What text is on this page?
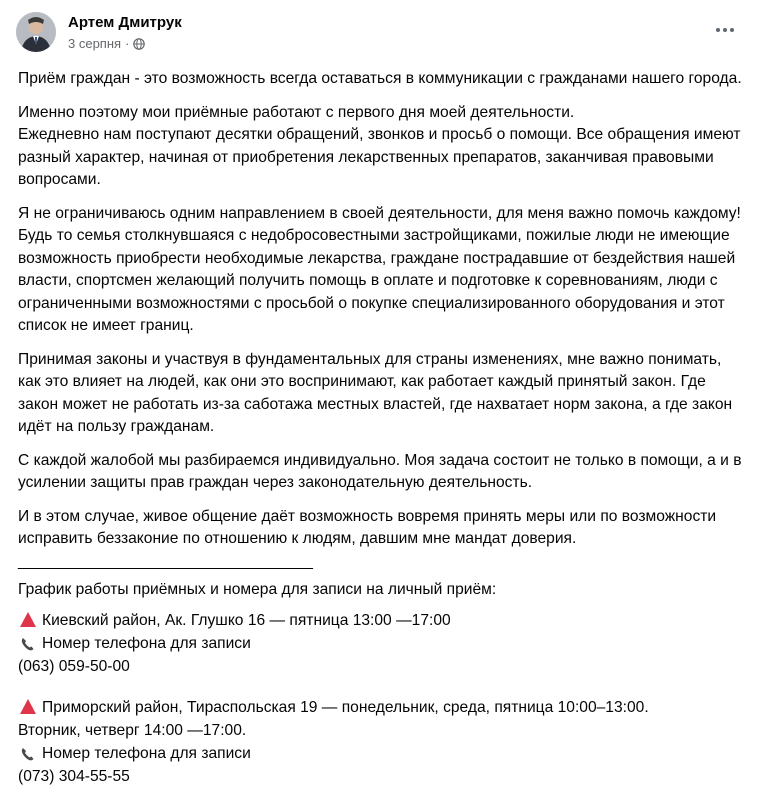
Артем Дмитрук
3 серпня ·

Приём граждан - это возможность всегда оставаться в коммуникации с гражданами нашего города.

Именно поэтому мои приёмные работают с первого дня моей деятельности.
Ежедневно нам поступают десятки обращений, звонков и просьб о помощи. Все обращения имеют разный характер, начиная от приобретения лекарственных препаратов, заканчивая правовыми вопросами.

Я не ограничиваюсь одним направлением в своей деятельности, для меня важно помочь каждому! Будь то семья столкнувшаяся с недобросовестными застройщиками, пожилые люди не имеющие возможность приобрести необходимые лекарства, граждане пострадавшие от бездействия нашей власти, спортсмен желающий получить помощь в оплате и подготовке к соревнованиям, люди с ограниченными возможностями с просьбой о покупке специализированного оборудования и этот список не имеет границ.

Принимая законы и участвуя в фундаментальных для страны изменениях, мне важно понимать, как это влияет на людей, как они это воспринимают, как работает каждый принятый закон. Где закон может не работать из-за саботажа местных властей, где нахватает норм закона, а где закон идёт на пользу гражданам.

С каждой жалобой мы разбираемся индивидуально. Моя задача состоит не только в помощи, а и в усилении защиты прав граждан через законодательную деятельность.

И в этом случае, живое общение даёт возможность вовремя принять меры или по возможности исправить беззаконие по отношению к людям, давшим мне мандат доверия.

__________________________________
График работы приёмных и номера для записи на личный приём:
Киевский район, Ак. Глушко 16 — пятница 13:00 —17:00
Номер телефона для записи
(063) 059-50-00
Приморский район, Тираспольская 19 — понедельник, среда, пятница 10:00–13:00.
Вторник, четверг 14:00 —17:00.
Номер телефона для записи
(073) 304-55-55
